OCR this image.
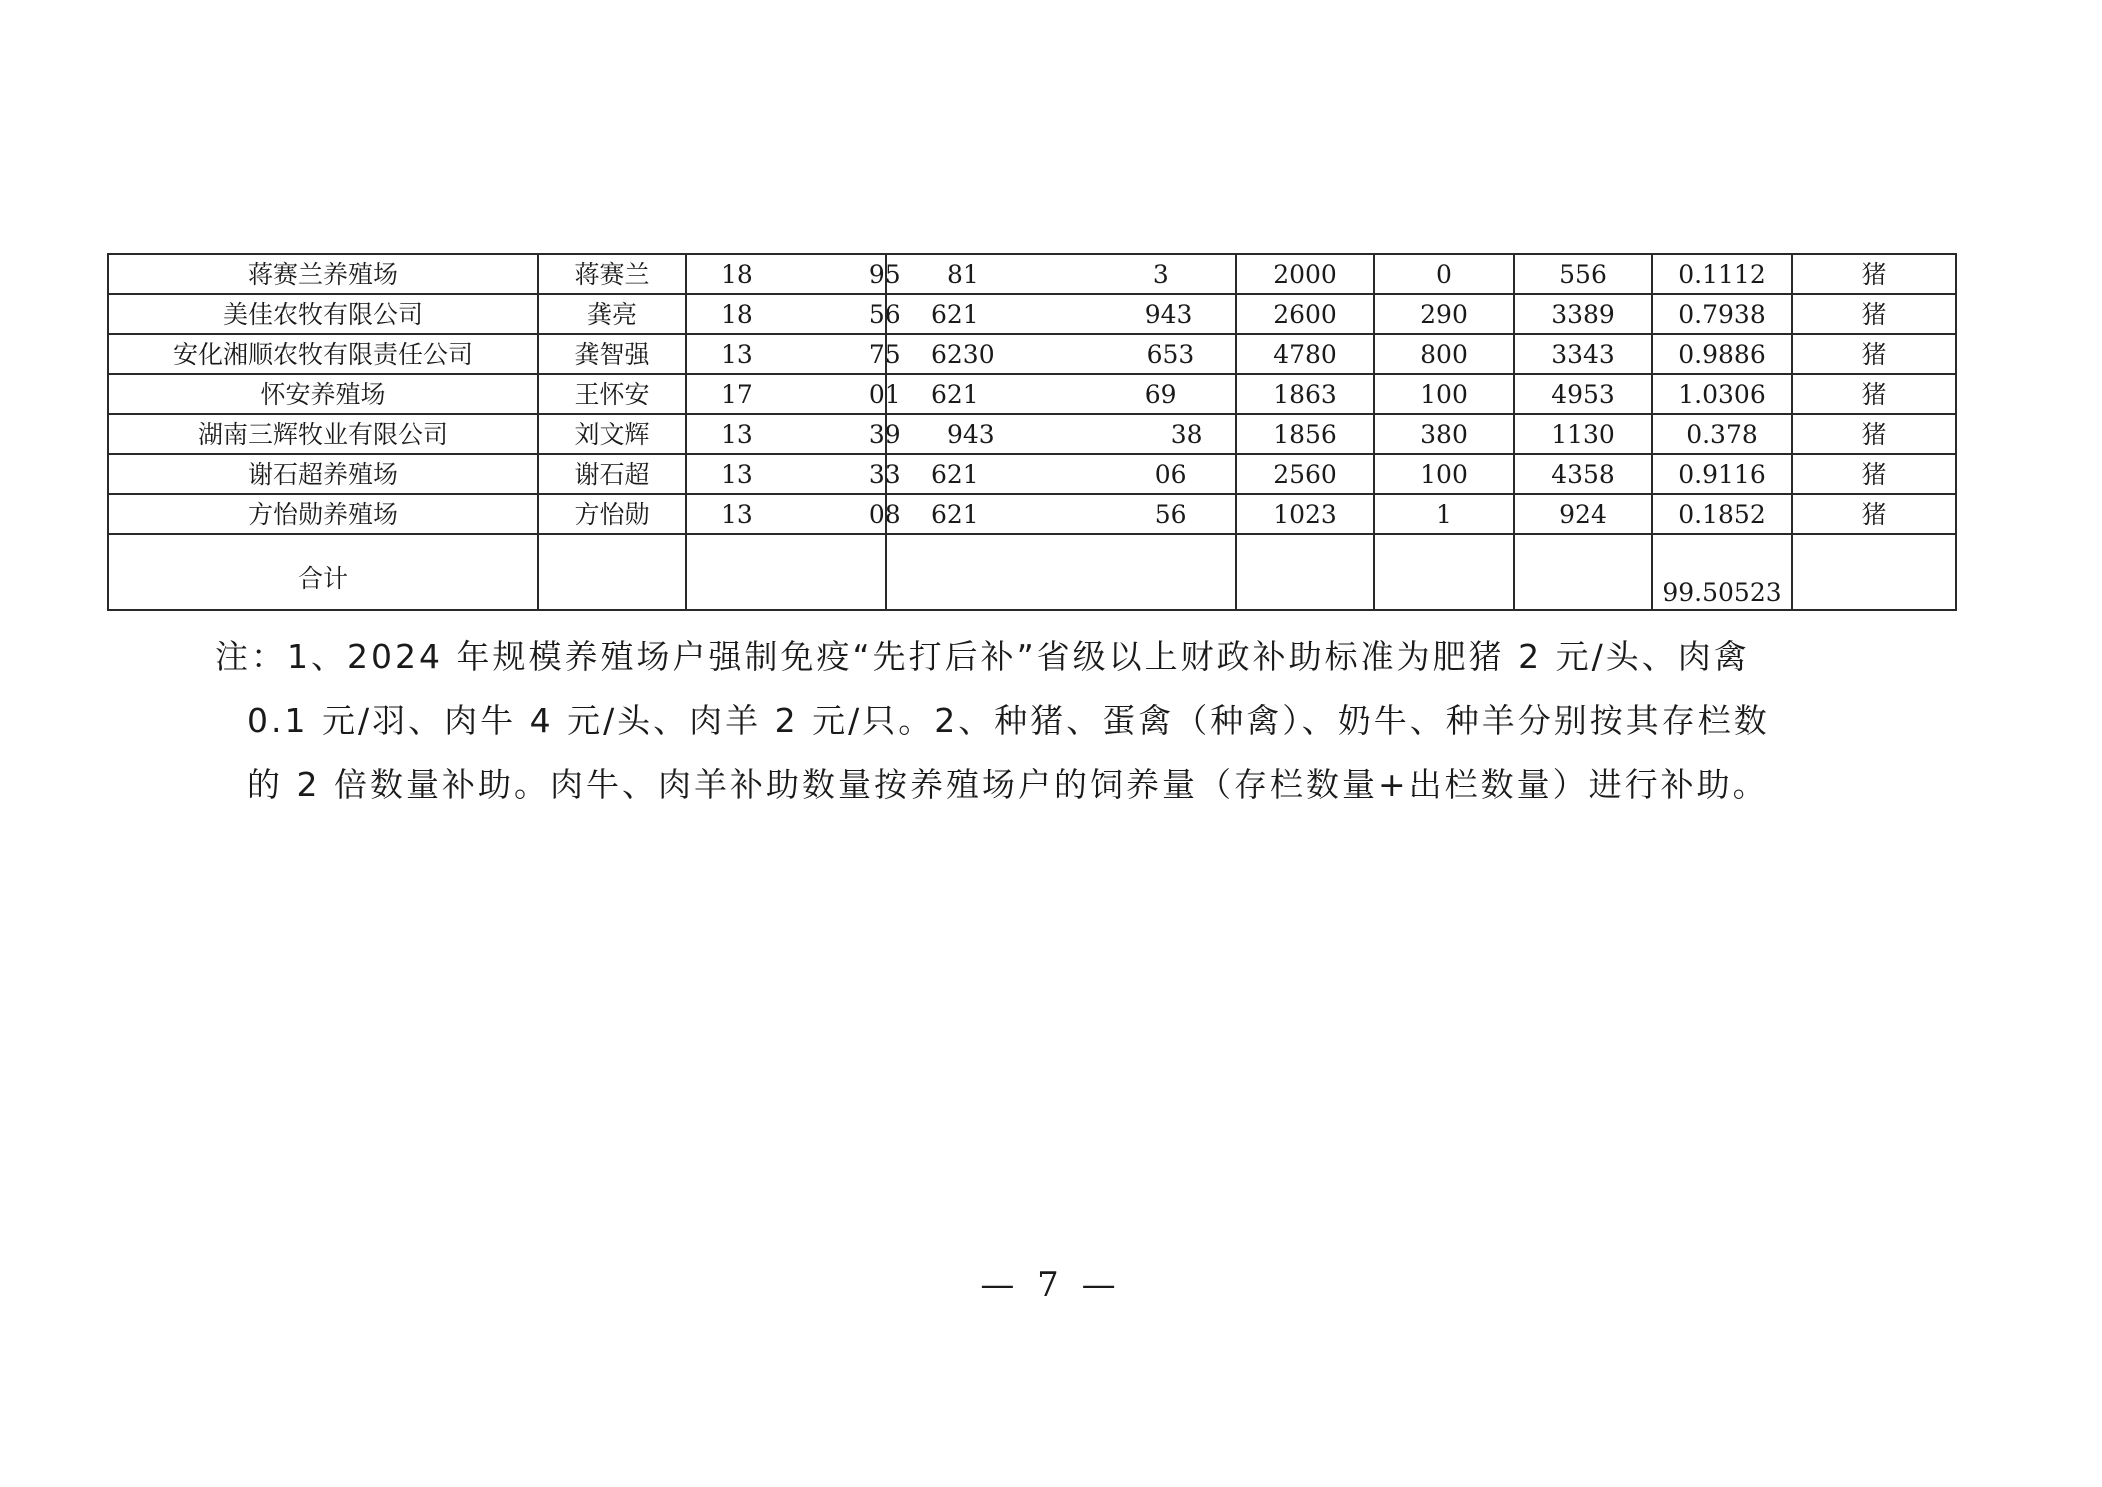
蒋赛兰养殖场	蒋赛兰	18 95	81 3	2000	0	556	0.1112	猪
美佳农牧有限公司	龚亮	18 56	621 943	2600	290	3389	0.7938	猪
安化湘顺农牧有限责任公司	龚智强	13 75	6230 653	4780	800	3343	0.9886	猪
怀安养殖场	王怀安	17 01	621 69	1863	100	4953	1.0306	猪
湖南三辉牧业有限公司	刘文辉	13 39	943 38	1856	380	1130	0.378	猪
谢石超养殖场	谢石超	13 33	621 06	2560	100	4358	0.9116	猪
方怡勋养殖场	方怡勋	13 08	621 56	1023	1	924	0.1852	猪
合计							99.50523	

注：1、2024 年规模养殖场户强制免疫“先打后补”省级以上财政补助标准为肥猪 2 元/头、肉禽

0.1 元/羽、肉牛 4 元/头、肉羊 2 元/只。2、种猪、蛋禽（种禽）、奶牛、种羊分别按其存栏数

的 2 倍数量补助。肉牛、肉羊补助数量按养殖场户的饲养量（存栏数量+出栏数量）进行补助。

— 7 —
